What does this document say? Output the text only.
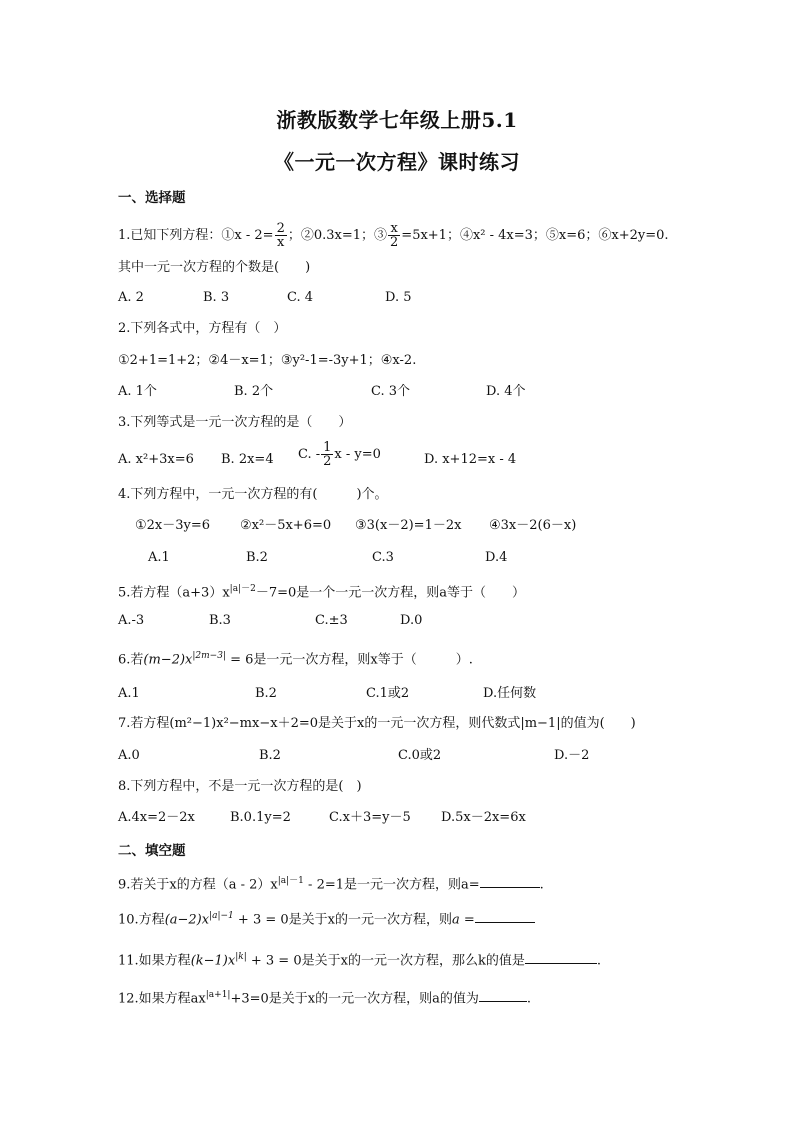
浙教版数学七年级上册5.1
《一元一次方程》课时练习
一、选择题
1.已知下列方程：①x - $2= \frac{2}{x}$ ；②0.3x=1；③ $\frac{x}{2} =5x+1$；④x² - 4x=3；⑤x=6；⑥x+2y=0.
其中一元一次方程的个数是(　　)
A. 2	B. 3	C. 4	D. 5
2.下列各式中，方程有（　）
①2+1=1+2；②4－x=1；③y²-1=-3y+1；④x-2.
A. 1个	B. 2个	C. 3个	D. 4个
3.下列等式是一元一次方程的是（　　）
A. x²+3x=6 B. 2x=4 C. - $\frac{1}{2}$ x - y=0	D. x+12=x - 4
4.下列方程中，一元一次方程的有(　　　)个。
①2x－3y=6 ②x²－5x+6=0 ③3(x－2)=1－2x ④3x－2(6－x)
A.1	B.2	C.3	D.4
5.若方程$(a+3)x^{|a|-2}-7=0$是一个一元一次方程，则a等于（　　）
A.-3	B.3	C.±3	D.0
6.若$(m-2)x^{|2m-3|} = 6$是一元一次方程，则x等于（　　　）.
A.1	B.2	C.1或2	D.任何数
7.若方程(m²−1)x²−mx−x＋2=0是关于x的一元一次方程，则代数式|m−1|的值为(　　)
A.0	B.2	C.0或2	D.－2
8.下列方程中，不是一元一次方程的是(　)
A.4x=2－2x	B.0.1y=2	C.x＋3=y－5 D.5x－2x=6x
二、填空题
9.若关于x的方程$(a - 2)x^{|a|-1} - 2=1$是一元一次方程，则a=	.
10.方程$(a-2)x^{|a|-1} + 3 = 0$是关于x的一元一次方程，则a =
11.如果方程$(k-1)x^{|k|} + 3 = 0$是关于x的一元一次方程，那么k的值是	.
12.如果方程$ax^{|a+1|}+3=0$是关于x的一元一次方程，则a的值为	.
